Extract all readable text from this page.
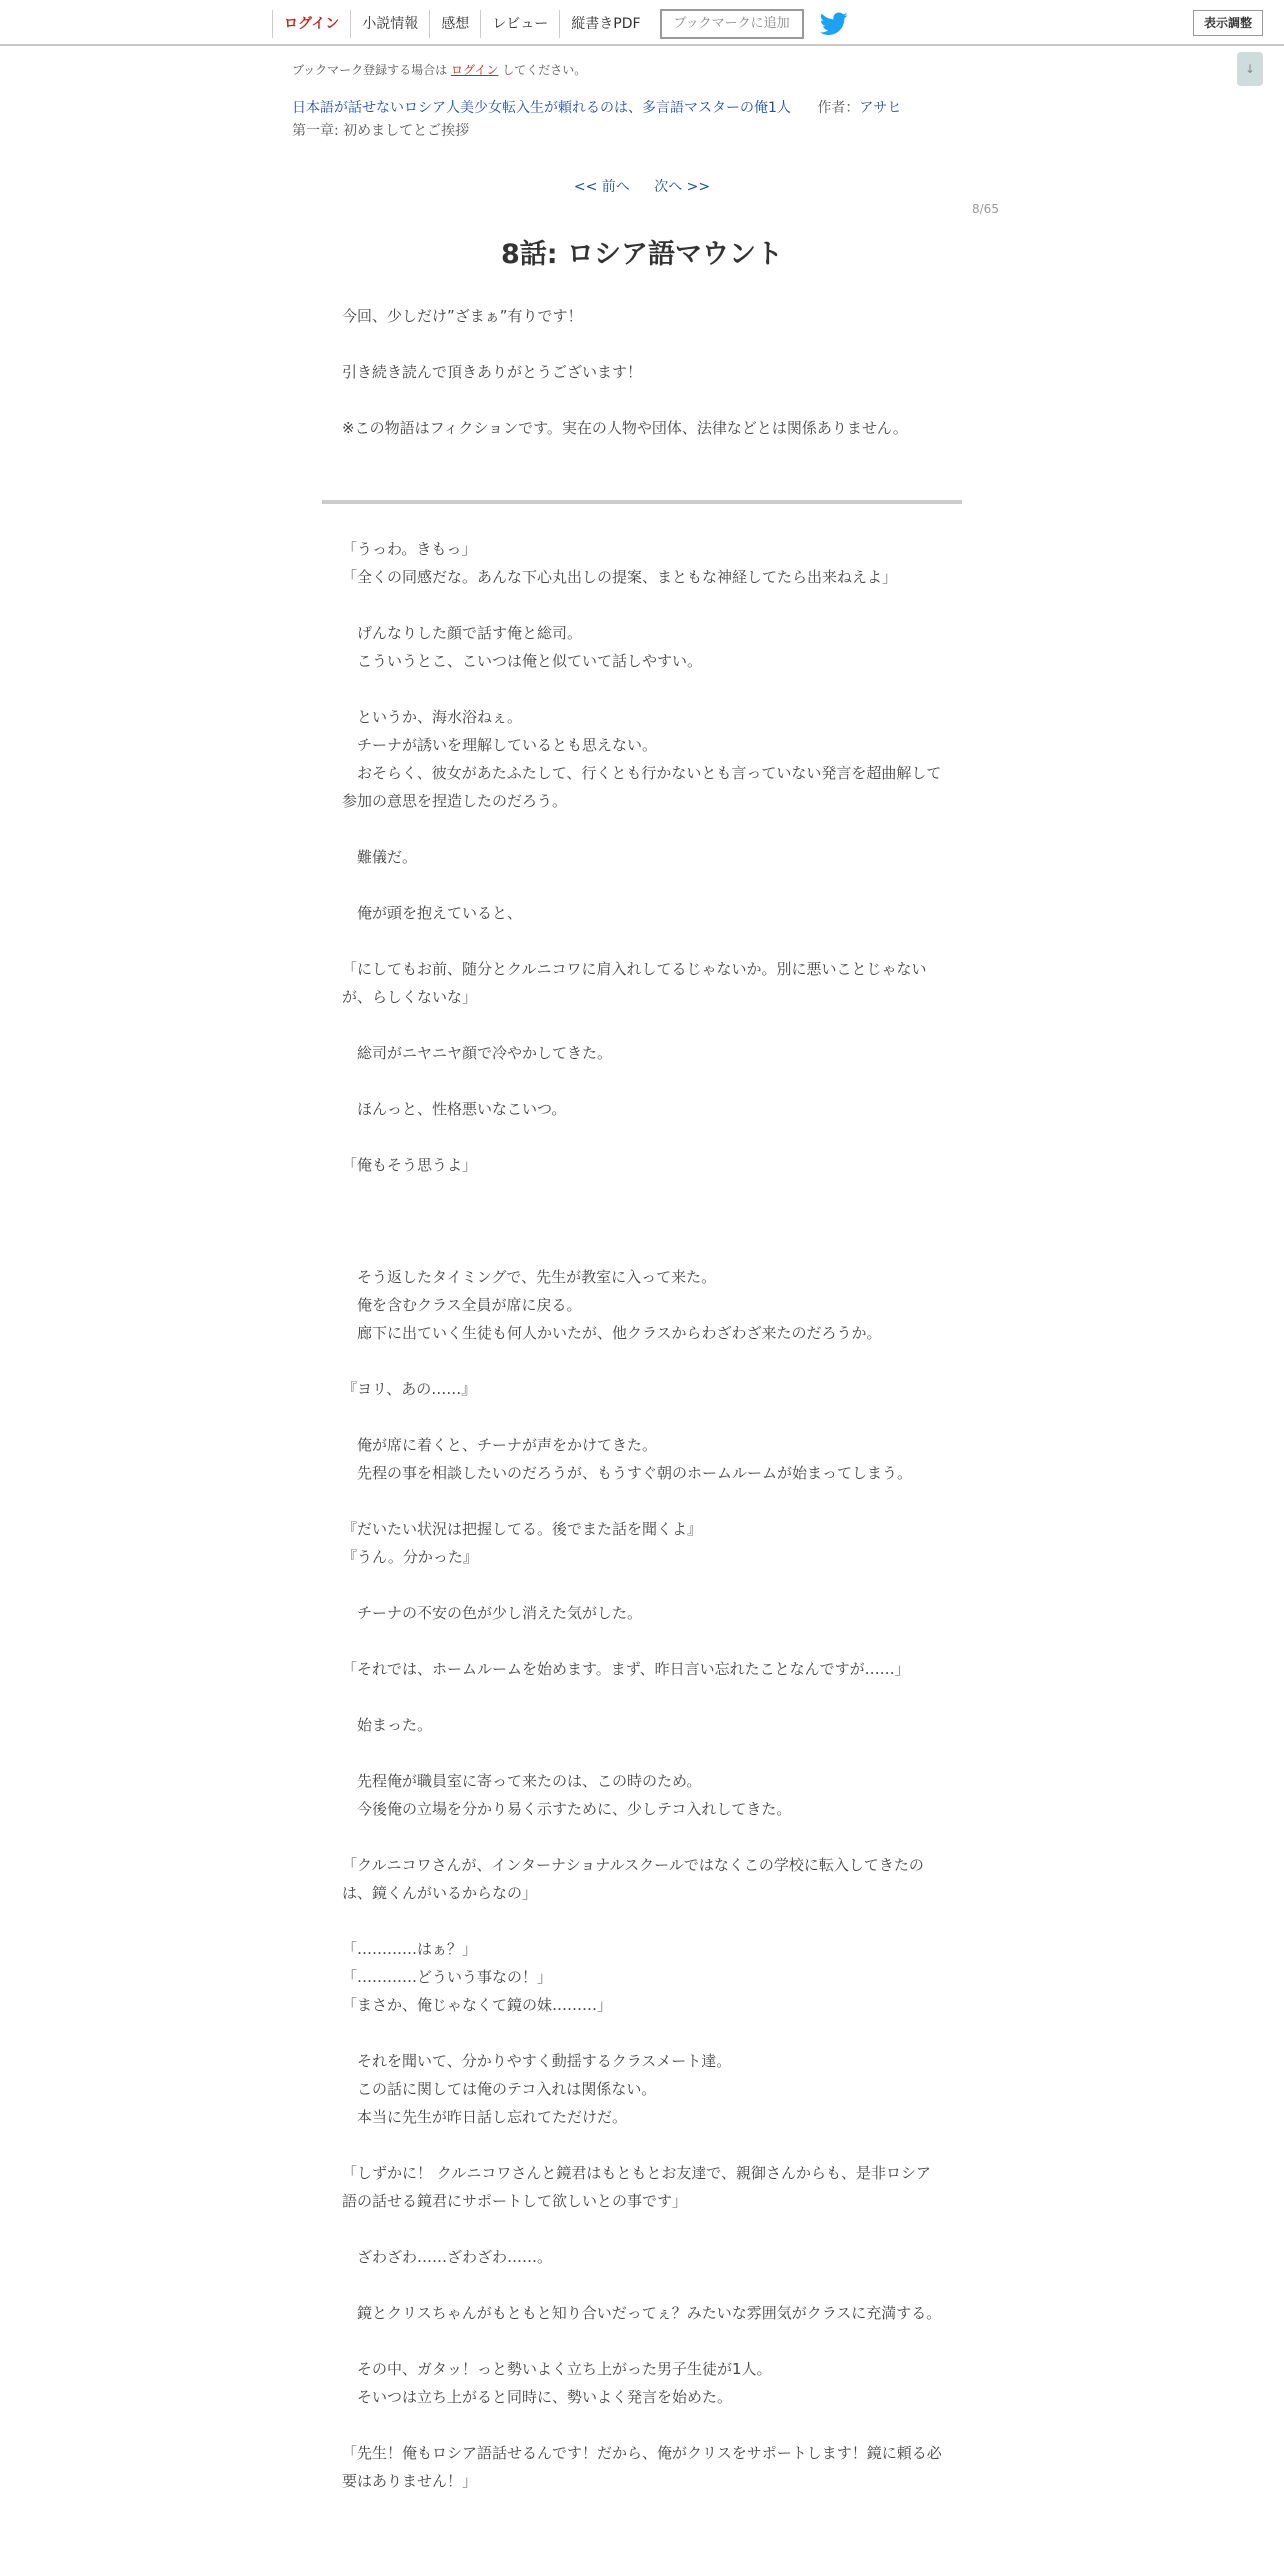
ログイン	小説情報	感想	レビュー	縦書きPDF	ブックマークに追加	表示調整
↓
ブックマーク登録する場合は ログイン してください。
日本語が話せないロシア人美少女転入生が頼れるのは、多言語マスターの俺1人 作者：アサヒ
第一章: 初めましてとご挨拶
<< 前へ 次へ >>
8/65
8話: ロシア語マウント

今回、少しだけ”ざまぁ”有りです！

引き続き読んで頂きありがとうございます！

※この物語はフィクションです。実在の人物や団体、法律などとは関係ありません。

「うっわ。きもっ」
「全くの同感だな。あんな下心丸出しの提案、まともな神経してたら出来ねえよ」
　げんなりした顔で話す俺と総司。
　こういうとこ、こいつは俺と似ていて話しやすい。
　というか、海水浴ねぇ。
　チーナが誘いを理解しているとも思えない。
　おそらく、彼女があたふたして、行くとも行かないとも言っていない発言を超曲解して参加の意思を捏造したのだろう。
　難儀だ。
　俺が頭を抱えていると、
「にしてもお前、随分とクルニコワに肩入れしてるじゃないか。別に悪いことじゃないが、らしくないな」
　総司がニヤニヤ顔で冷やかしてきた。
　ほんっと、性格悪いなこいつ。
「俺もそう思うよ」
　そう返したタイミングで、先生が教室に入って来た。
　俺を含むクラス全員が席に戻る。
　廊下に出ていく生徒も何人かいたが、他クラスからわざわざ来たのだろうか。
『ヨリ、あの……』
　俺が席に着くと、チーナが声をかけてきた。
　先程の事を相談したいのだろうが、もうすぐ朝のホームルームが始まってしまう。
『だいたい状況は把握してる。後でまた話を聞くよ』
『うん。分かった』
　チーナの不安の色が少し消えた気がした。
「それでは、ホームルームを始めます。まず、昨日言い忘れたことなんですが……」
　始まった。
　先程俺が職員室に寄って来たのは、この時のため。
　今後俺の立場を分かり易く示すために、少しテコ入れしてきた。
「クルニコワさんが、インターナショナルスクールではなくこの学校に転入してきたのは、鏡くんがいるからなの」
「…………はぁ？」
「…………どういう事なの！」
「まさか、俺じゃなくて鏡の妹………」
　それを聞いて、分かりやすく動揺するクラスメート達。
　この話に関しては俺のテコ入れは関係ない。
　本当に先生が昨日話し忘れてただけだ。
「しずかに！ クルニコワさんと鏡君はもともとお友達で、親御さんからも、是非ロシア語の話せる鏡君にサポートして欲しいとの事です」
　ざわざわ……ざわざわ……。
　鏡とクリスちゃんがもともと知り合いだってぇ？みたいな雰囲気がクラスに充満する。
　その中、ガタッ！っと勢いよく立ち上がった男子生徒が1人。
　そいつは立ち上がると同時に、勢いよく発言を始めた。
「先生！俺もロシア語話せるんです！だから、俺がクリスをサポートします！鏡に頼る必要はありません！」
